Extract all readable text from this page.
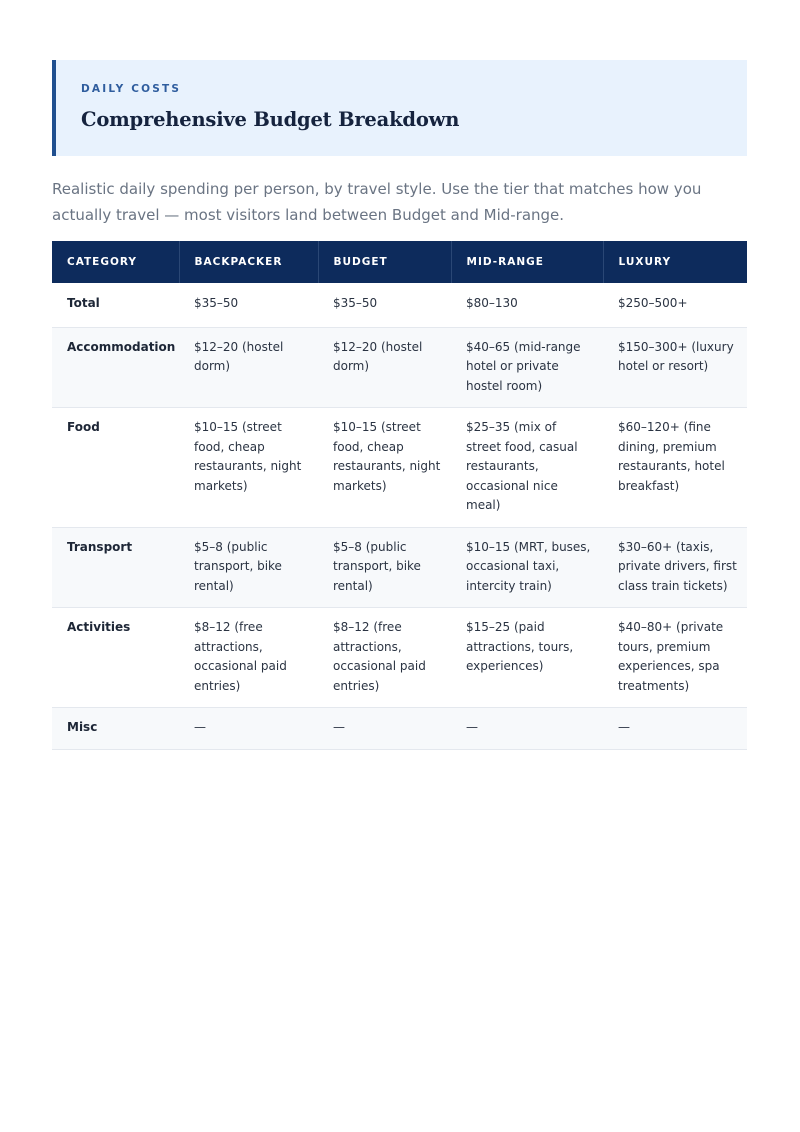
DAILY COSTS
Comprehensive Budget Breakdown
Realistic daily spending per person, by travel style. Use the tier that matches how you actually travel — most visitors land between Budget and Mid-range.
CATEGORY	BACKPACKER	BUDGET	MID-RANGE	LUXURY
Total	$35–50	$35–50	$80–130	$250–500+
Accommodation	$12–20 (hostel dorm)	$12–20 (hostel dorm)	$40–65 (mid-range hotel or private hostel room)	$150–300+ (luxury hotel or resort)
Food	$10–15 (street food, cheap restaurants, night markets)	$10–15 (street food, cheap restaurants, night markets)	$25–35 (mix of street food, casual restaurants, occasional nice meal)	$60–120+ (fine dining, premium restaurants, hotel breakfast)
Transport	$5–8 (public transport, bike rental)	$5–8 (public transport, bike rental)	$10–15 (MRT, buses, occasional taxi, intercity train)	$30–60+ (taxis, private drivers, first class train tickets)
Activities	$8–12 (free attractions, occasional paid entries)	$8–12 (free attractions, occasional paid entries)	$15–25 (paid attractions, tours, experiences)	$40–80+ (private tours, premium experiences, spa treatments)
Misc	—	—	—	—
